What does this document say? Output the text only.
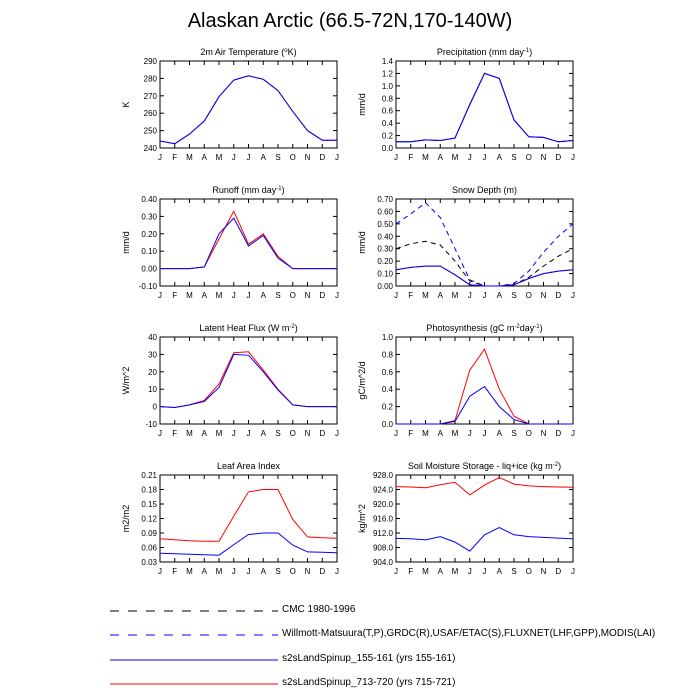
Alaskan Arctic (66.5-72N,170-140W)
2m Air Temperature ($^o$K)
240
250
260
270
280
290
J F M A M J J A S O N D J
K
Precipitation (mm day$^{-1}$)
0.0
0.2
0.4
0.6
0.8
1.0
1.2
1.4
J F M A M J J A S O N D J
mm/d
Runoff (mm day$^{-1}$)
-0.10
0.00
0.10
0.20
0.30
0.40
J F M A M J J A S O N D J
mm/d
Snow Depth (m)
0.00
0.10
0.20
0.30
0.40
0.50
0.60
0.70
J F M A M J J A S O N D J
mm/d
Latent Heat Flux (W $m^{-2}$)
-10
0
10
20
30
40
J F M A M J J A S O N D J
W/m^2
Photosynthesis (gC $m^{-2}day^{-1}$)
0.0
0.2
0.4
0.6
0.8
1.0
J F M A M J J A S O N D J
gC/m^2/d
Leaf Area Index
0.03
0.06
0.09
0.12
0.15
0.18
0.21
J F M A M J J A S O N D J
m2/m2
Soil Moisture Storage - liq+ice (kg $m^{-2}$)
904.0
908.0
912.0
916.0
920.0
924.0
928.0
J F M A M J J A S O N D J
kg/m^2
CMC 1980-1996
Willmott-Matsuura(T,P),GRDC(R),USAF/ETAC(S),FLUXNET(LHF,GPP),MODIS(LAI)
s2sLandSpinup_155-161 (yrs 155-161)
s2sLandSpinup_713-720 (yrs 715-721)
